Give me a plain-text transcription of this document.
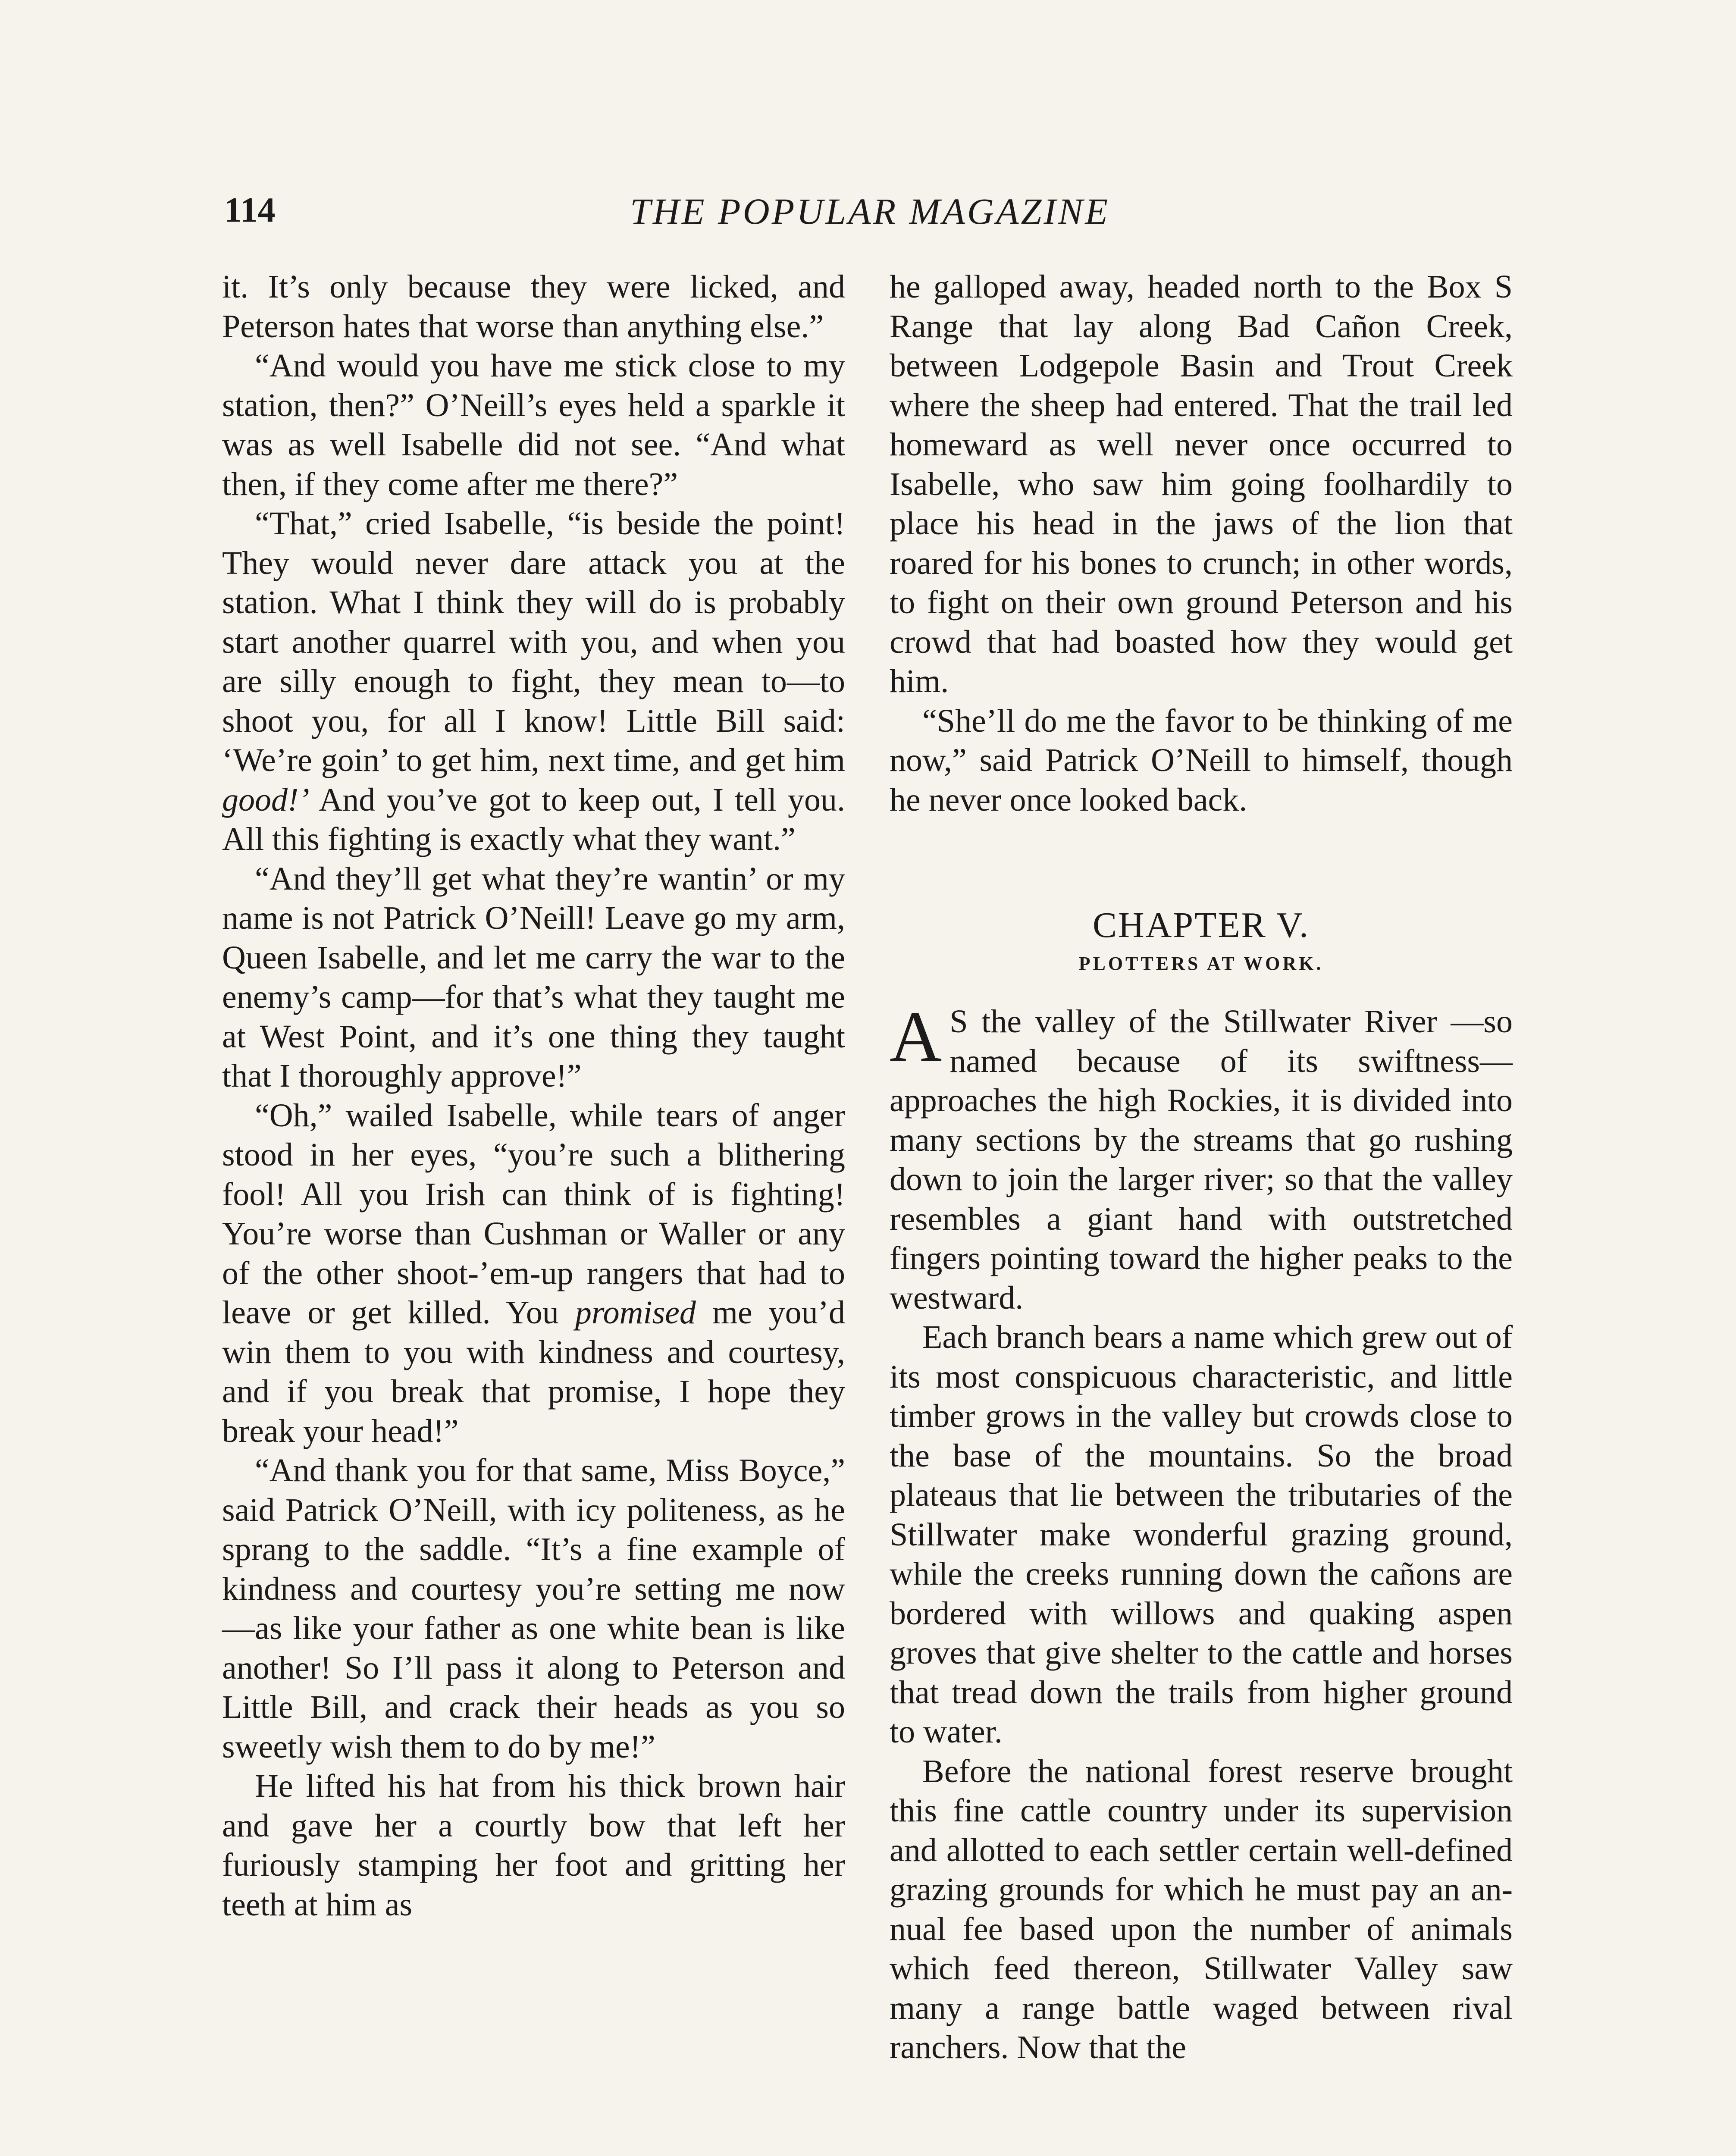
114	THE POPULAR MAGAZINE

it. It’s only because they were licked, and Peterson hates that worse than anything else.”

“And would you have me stick close to my station, then?” O’Neill’s eyes held a sparkle it was as well Isabelle did not see. “And what then, if they come after me there?”

“That,” cried Isabelle, “is beside the point! They would never dare attack you at the station. What I think they will do is probably start another quarrel with you, and when you are silly enough to fight, they mean to—to shoot you, for all I know! Little Bill said: ‘We’re goin’ to get him, next time, and get him good!’ And you’ve got to keep out, I tell you. All this fighting is exactly what they want.”

“And they’ll get what they’re wantin’ or my name is not Patrick O’Neill! Leave go my arm, Queen Isabelle, and let me carry the war to the enemy’s camp—for that’s what they taught me at West Point, and it’s one thing they taught that I thoroughly approve!”

“Oh,” wailed Isabelle, while tears of anger stood in her eyes, “you’re such a blithering fool! All you Irish can think of is fighting! You’re worse than Cushman or Waller or any of the other shoot-’em-up rangers that had to leave or get killed. You promised me you’d win them to you with kindness and courtesy, and if you break that promise, I hope they break your head!”

“And thank you for that same, Miss Boyce,” said Patrick O’Neill, with icy politeness, as he sprang to the saddle. “It’s a fine example of kindness and courtesy you’re setting me now—as like your father as one white bean is like another! So I’ll pass it along to Peterson and Little Bill, and crack their heads as you so sweetly wish them to do by me!”

He lifted his hat from his thick brown hair and gave her a courtly bow that left her furiously stamping her foot and gritting her teeth at him as

he galloped away, headed north to the Box S Range that lay along Bad Cañon Creek, between Lodgepole Basin and Trout Creek where the sheep had entered. That the trail led homeward as well never once occurred to Isabelle, who saw him going foolhardily to place his head in the jaws of the lion that roared for his bones to crunch; in other words, to fight on their own ground Peterson and his crowd that had boasted how they would get him.

“She’ll do me the favor to be thinking of me now,” said Patrick O’Neill to himself, though he never once looked back.

CHAPTER V.
PLOTTERS AT WORK.

A S the valley of the Stillwater River —so named because of its swiftness—approaches the high Rockies, it is divided into many sections by the streams that go rushing down to join the larger river; so that the valley resembles a giant hand with outstretched fingers pointing toward the higher peaks to the westward.

Each branch bears a name which grew out of its most conspicuous characteristic, and little timber grows in the valley but crowds close to the base of the mountains. So the broad plateaus that lie between the tributaries of the Stillwater make wonderful grazing ground, while the creeks running down the cañons are bordered with willows and quaking aspen groves that give shelter to the cattle and horses that tread down the trails from higher ground to water.

Before the national forest reserve brought this fine cattle country under its supervision and allotted to each settler certain well-defined grazing grounds for which he must pay an annual fee based upon the number of animals which feed thereon, Stillwater Valley saw many a range battle waged between rival ranchers. Now that the
